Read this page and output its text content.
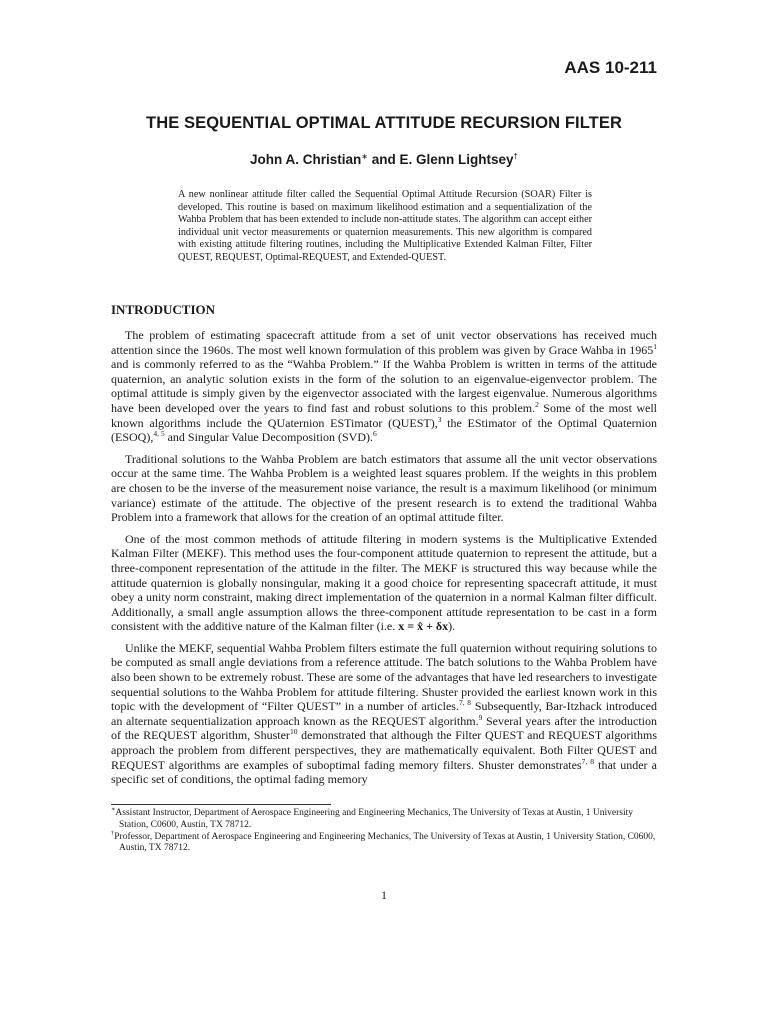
AAS 10-211
THE SEQUENTIAL OPTIMAL ATTITUDE RECURSION FILTER

John A. Christian∗ and E. Glenn Lightsey†

A new nonlinear attitude filter called the Sequential Optimal Attitude Recursion (SOAR) Filter is developed. This routine is based on maximum likelihood estimation and a sequentialization of the Wahba Problem that has been extended to include non-attitude states. The algorithm can accept either individual unit vector measurements or quaternion measurements. This new algorithm is compared with existing attitude filtering routines, including the Multiplicative Extended Kalman Filter, Filter QUEST, REQUEST, Optimal-REQUEST, and Extended-QUEST.

INTRODUCTION

The problem of estimating spacecraft attitude from a set of unit vector observations has received much attention since the 1960s. The most well known formulation of this problem was given by Grace Wahba in 1965$^1$ and is commonly referred to as the “Wahba Problem.” If the Wahba Problem is written in terms of the attitude quaternion, an analytic solution exists in the form of the solution to an eigenvalue-eigenvector problem. The optimal attitude is simply given by the eigenvector associated with the largest eigenvalue. Numerous algorithms have been developed over the years to find fast and robust solutions to this problem.$^2$ Some of the most well known algorithms include the QUaternion ESTimator (QUEST),$^3$ the EStimator of the Optimal Quaternion (ESOQ),$^{4, 5}$ and Singular Value Decomposition (SVD).$^6$

Traditional solutions to the Wahba Problem are batch estimators that assume all the unit vector observations occur at the same time. The Wahba Problem is a weighted least squares problem. If the weights in this problem are chosen to be the inverse of the measurement noise variance, the result is a maximum likelihood (or minimum variance) estimate of the attitude. The objective of the present research is to extend the traditional Wahba Problem into a framework that allows for the creation of an optimal attitude filter.

One of the most common methods of attitude filtering in modern systems is the Multiplicative Extended Kalman Filter (MEKF). This method uses the four-component attitude quaternion to represent the attitude, but a three-component representation of the attitude in the filter. The MEKF is structured this way because while the attitude quaternion is globally nonsingular, making it a good choice for representing spacecraft attitude, it must obey a unity norm constraint, making direct implementation of the quaternion in a normal Kalman filter difficult. Additionally, a small angle assumption allows the three-component attitude representation to be cast in a form consistent with the additive nature of the Kalman filter (i.e. x = x̂ + δx).

Unlike the MEKF, sequential Wahba Problem filters estimate the full quaternion without requiring solutions to be computed as small angle deviations from a reference attitude. The batch solutions to the Wahba Problem have also been shown to be extremely robust. These are some of the advantages that have led researchers to investigate sequential solutions to the Wahba Problem for attitude filtering. Shuster provided the earliest known work in this topic with the development of “Filter QUEST” in a number of articles.$^{7, 8}$ Subsequently, Bar-Itzhack introduced an alternate sequentialization approach known as the REQUEST algorithm.$^9$ Several years after the introduction of the REQUEST algorithm, Shuster$^{10}$ demonstrated that although the Filter QUEST and REQUEST algorithms approach the problem from different perspectives, they are mathematically equivalent. Both Filter QUEST and REQUEST algorithms are examples of suboptimal fading memory filters. Shuster demonstrates$^{7, 8}$ that under a specific set of conditions, the optimal fading memory

∗Assistant Instructor, Department of Aerospace Engineering and Engineering Mechanics, The University of Texas at Austin, 1 University Station, C0600, Austin, TX 78712.

†Professor, Department of Aerospace Engineering and Engineering Mechanics, The University of Texas at Austin, 1 University Station, C0600, Austin, TX 78712.

1
